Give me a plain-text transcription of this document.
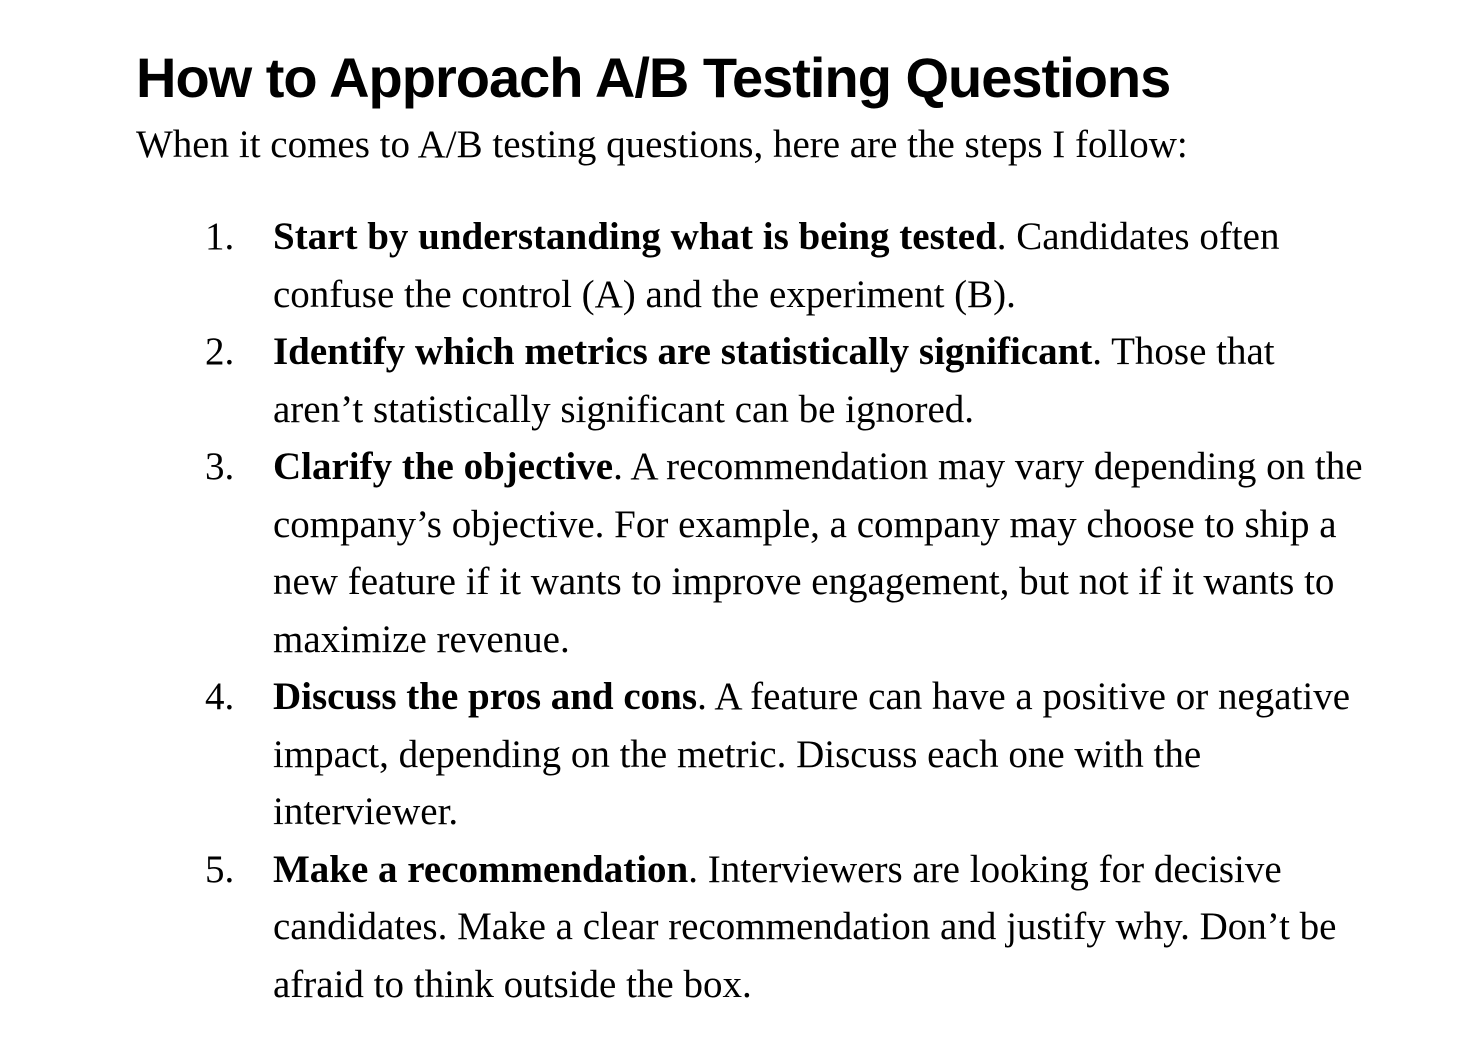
How to Approach A/B Testing Questions

When it comes to A/B testing questions, here are the steps I follow:

1. Start by understanding what is being tested. Candidates often confuse the control (A) and the experiment (B).
2. Identify which metrics are statistically significant. Those that aren’t statistically significant can be ignored.
3. Clarify the objective. A recommendation may vary depending on the company’s objective. For example, a company may choose to ship a new feature if it wants to improve engagement, but not if it wants to maximize revenue.
4. Discuss the pros and cons. A feature can have a positive or negative impact, depending on the metric. Discuss each one with the interviewer.
5. Make a recommendation. Interviewers are looking for decisive candidates. Make a clear recommendation and justify why. Don’t be afraid to think outside the box.
